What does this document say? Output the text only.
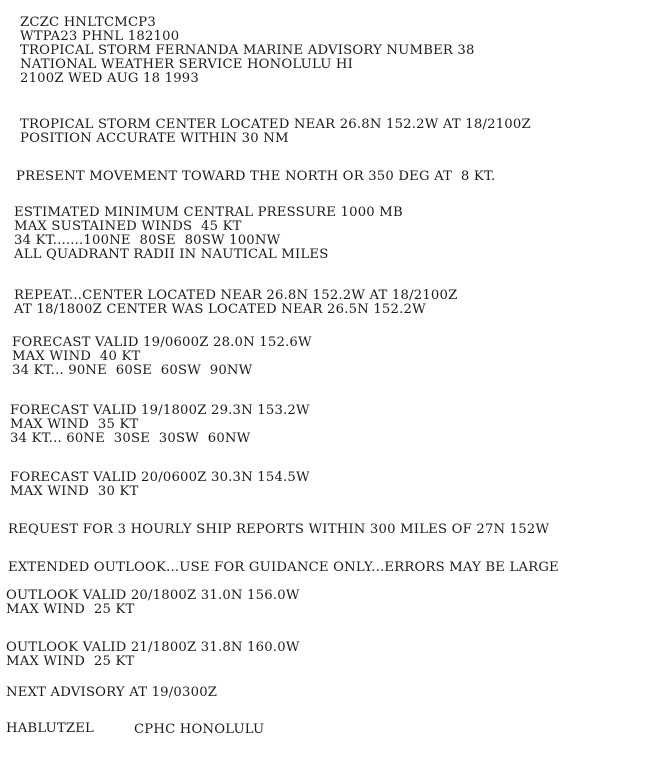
ZCZC HNLTCMCP3
WTPA23 PHNL 182100
TROPICAL STORM FERNANDA MARINE ADVISORY NUMBER 38
NATIONAL WEATHER SERVICE HONOLULU HI
2100Z WED AUG 18 1993
TROPICAL STORM CENTER LOCATED NEAR 26.8N 152.2W AT 18/2100Z
POSITION ACCURATE WITHIN 30 NM
PRESENT MOVEMENT TOWARD THE NORTH OR 350 DEG AT  8 KT.
ESTIMATED MINIMUM CENTRAL PRESSURE 1000 MB
MAX SUSTAINED WINDS  45 KT
34 KT.......100NE  80SE  80SW 100NW
ALL QUADRANT RADII IN NAUTICAL MILES
REPEAT...CENTER LOCATED NEAR 26.8N 152.2W AT 18/2100Z
AT 18/1800Z CENTER WAS LOCATED NEAR 26.5N 152.2W
FORECAST VALID 19/0600Z 28.0N 152.6W
MAX WIND  40 KT
34 KT... 90NE  60SE  60SW  90NW
FORECAST VALID 19/1800Z 29.3N 153.2W
MAX WIND  35 KT
34 KT... 60NE  30SE  30SW  60NW
FORECAST VALID 20/0600Z 30.3N 154.5W
MAX WIND  30 KT
REQUEST FOR 3 HOURLY SHIP REPORTS WITHIN 300 MILES OF 27N 152W
EXTENDED OUTLOOK...USE FOR GUIDANCE ONLY...ERRORS MAY BE LARGE
OUTLOOK VALID 20/1800Z 31.0N 156.0W
MAX WIND  25 KT
OUTLOOK VALID 21/1800Z 31.8N 160.0W
MAX WIND  25 KT
NEXT ADVISORY AT 19/0300Z
HABLUTZEL	CPHC HONOLULU
